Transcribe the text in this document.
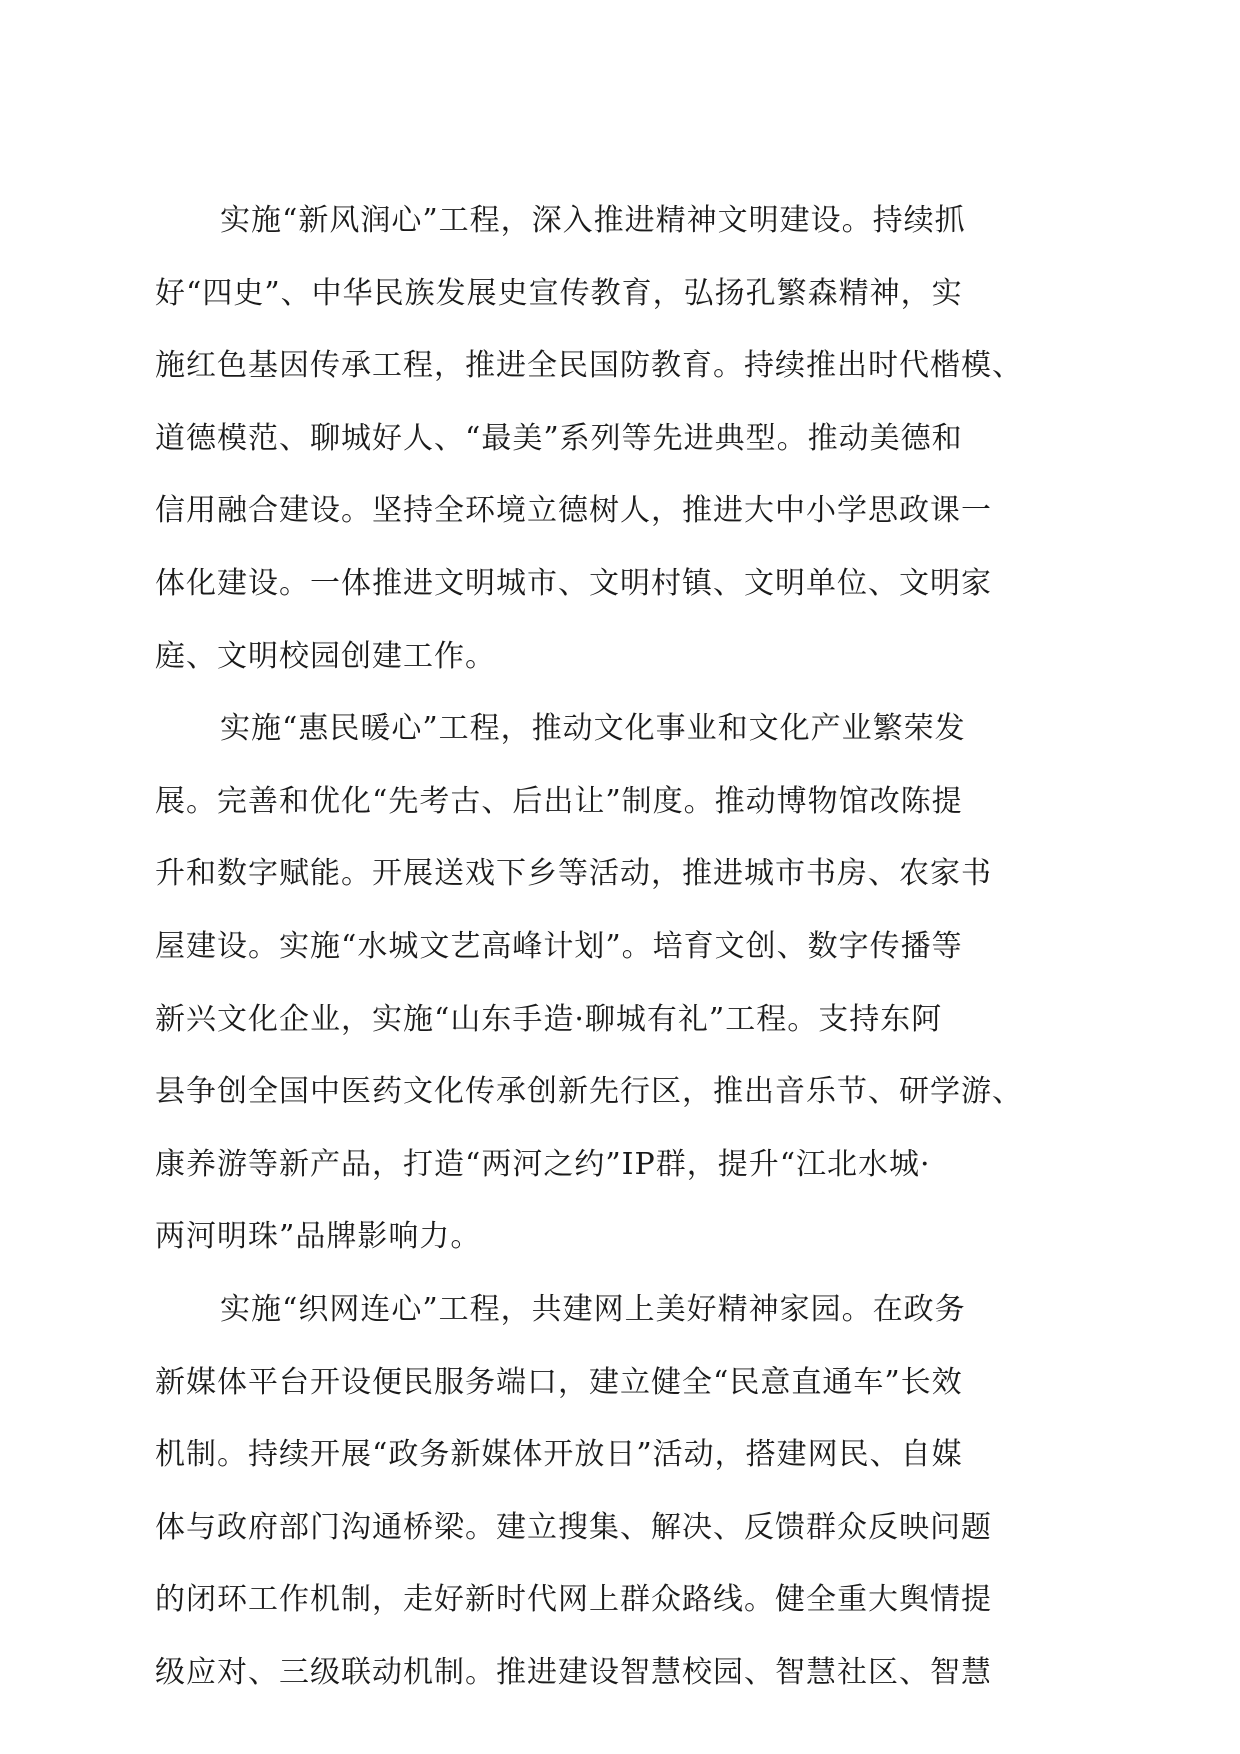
实施“新风润心”工程，深入推进精神文明建设。持续抓
好“四史”、中华民族发展史宣传教育，弘扬孔繁森精神，实
施红色基因传承工程，推进全民国防教育。持续推出时代楷模、
道德模范、聊城好人、“最美”系列等先进典型。推动美德和
信用融合建设。坚持全环境立德树人，推进大中小学思政课一
体化建设。一体推进文明城市、文明村镇、文明单位、文明家
庭、文明校园创建工作。
实施“惠民暖心”工程，推动文化事业和文化产业繁荣发
展。完善和优化“先考古、后出让”制度。推动博物馆改陈提
升和数字赋能。开展送戏下乡等活动，推进城市书房、农家书
屋建设。实施“水城文艺高峰计划”。培育文创、数字传播等
新兴文化企业，实施“山东手造·聊城有礼”工程。支持东阿
县争创全国中医药文化传承创新先行区，推出音乐节、研学游、
康养游等新产品，打造“两河之约”IP群，提升“江北水城·
两河明珠”品牌影响力。
实施“织网连心”工程，共建网上美好精神家园。在政务
新媒体平台开设便民服务端口，建立健全“民意直通车”长效
机制。持续开展“政务新媒体开放日”活动，搭建网民、自媒
体与政府部门沟通桥梁。建立搜集、解决、反馈群众反映问题
的闭环工作机制，走好新时代网上群众路线。健全重大舆情提
级应对、三级联动机制。推进建设智慧校园、智慧社区、智慧
